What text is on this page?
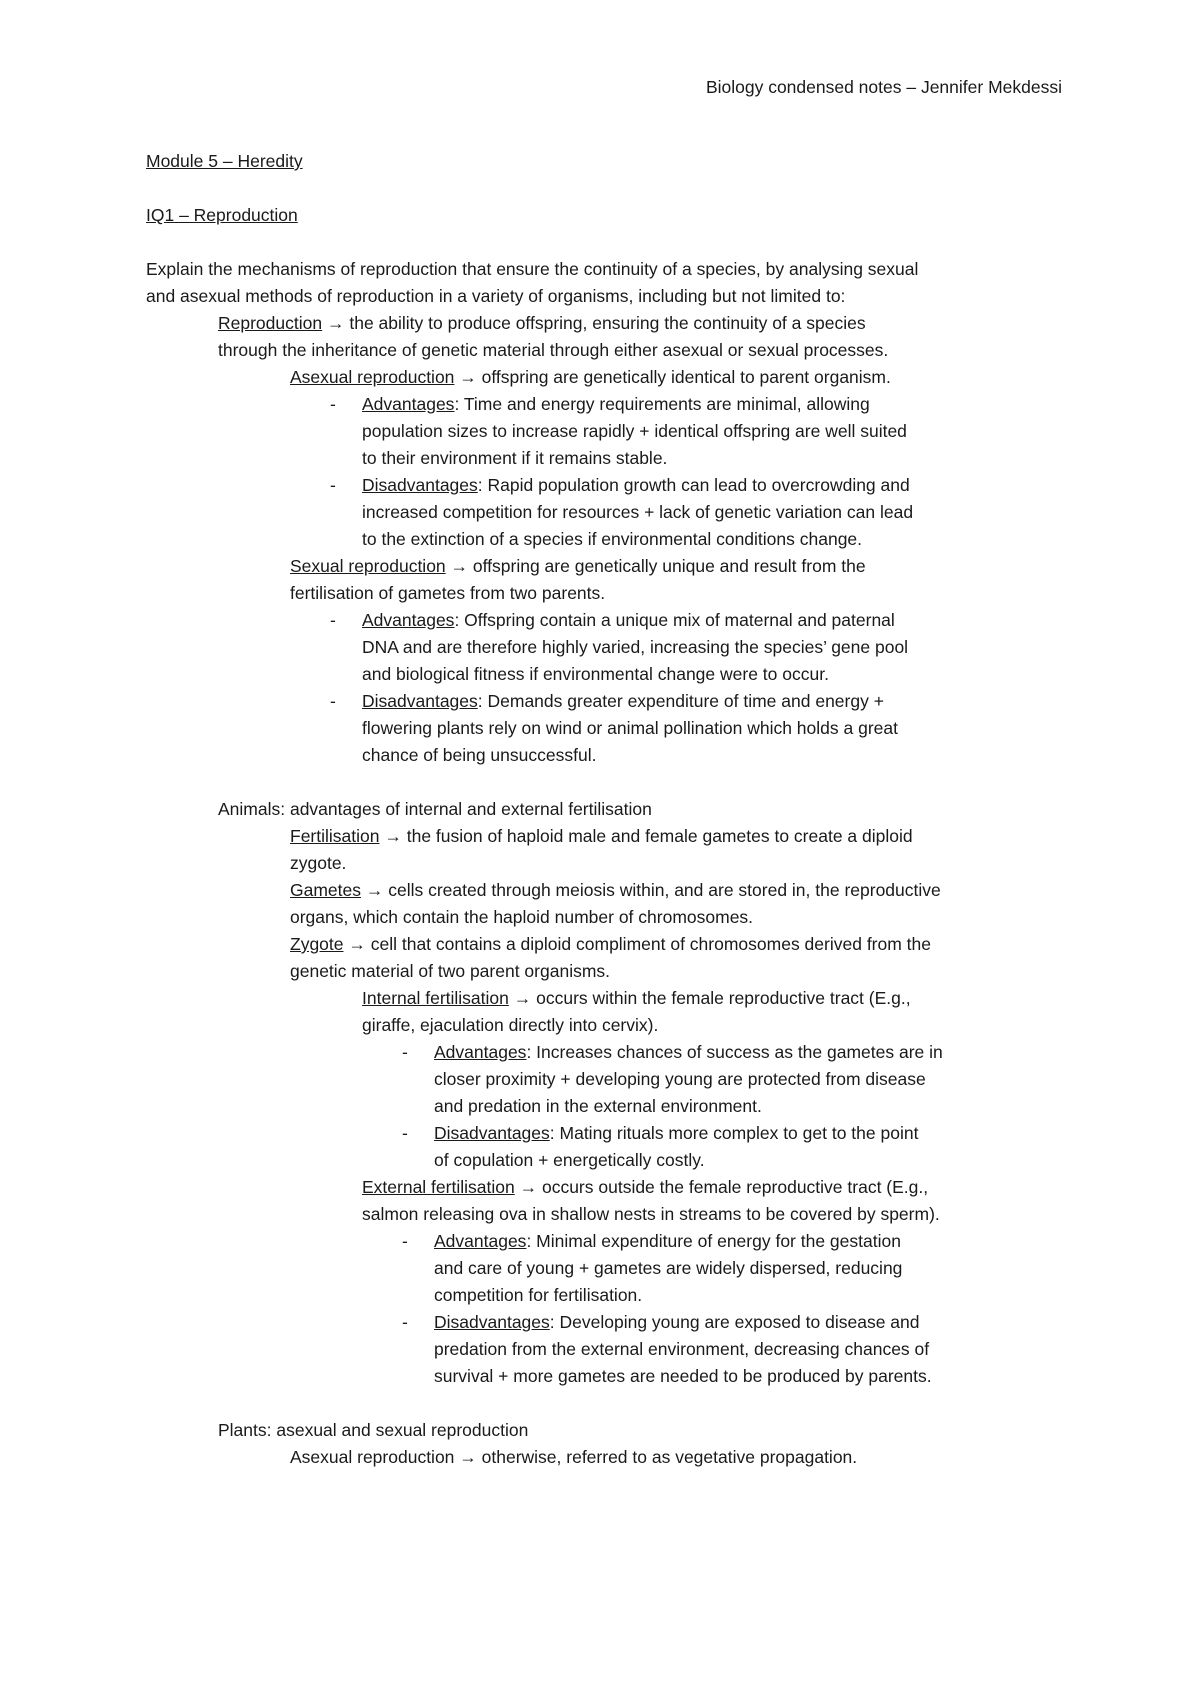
Biology condensed notes – Jennifer Mekdessi
Module 5 – Heredity
IQ1 – Reproduction
Explain the mechanisms of reproduction that ensure the continuity of a species, by analysing sexual
and asexual methods of reproduction in a variety of organisms, including but not limited to:
Reproduction → the ability to produce offspring, ensuring the continuity of a species
through the inheritance of genetic material through either asexual or sexual processes.
Asexual reproduction → offspring are genetically identical to parent organism.
- Advantages: Time and energy requirements are minimal, allowing
population sizes to increase rapidly + identical offspring are well suited
to their environment if it remains stable.
- Disadvantages: Rapid population growth can lead to overcrowding and
increased competition for resources + lack of genetic variation can lead
to the extinction of a species if environmental conditions change.
Sexual reproduction → offspring are genetically unique and result from the
fertilisation of gametes from two parents.
- Advantages: Offspring contain a unique mix of maternal and paternal
DNA and are therefore highly varied, increasing the species’ gene pool
and biological fitness if environmental change were to occur.
- Disadvantages: Demands greater expenditure of time and energy +
flowering plants rely on wind or animal pollination which holds a great
chance of being unsuccessful.
Animals: advantages of internal and external fertilisation
Fertilisation → the fusion of haploid male and female gametes to create a diploid
zygote.
Gametes → cells created through meiosis within, and are stored in, the reproductive
organs, which contain the haploid number of chromosomes.
Zygote → cell that contains a diploid compliment of chromosomes derived from the
genetic material of two parent organisms.
Internal fertilisation → occurs within the female reproductive tract (E.g.,
giraffe, ejaculation directly into cervix).
- Advantages: Increases chances of success as the gametes are in
closer proximity + developing young are protected from disease
and predation in the external environment.
- Disadvantages: Mating rituals more complex to get to the point
of copulation + energetically costly.
External fertilisation → occurs outside the female reproductive tract (E.g.,
salmon releasing ova in shallow nests in streams to be covered by sperm).
- Advantages: Minimal expenditure of energy for the gestation
and care of young + gametes are widely dispersed, reducing
competition for fertilisation.
- Disadvantages: Developing young are exposed to disease and
predation from the external environment, decreasing chances of
survival + more gametes are needed to be produced by parents.
Plants: asexual and sexual reproduction
Asexual reproduction → otherwise, referred to as vegetative propagation.
